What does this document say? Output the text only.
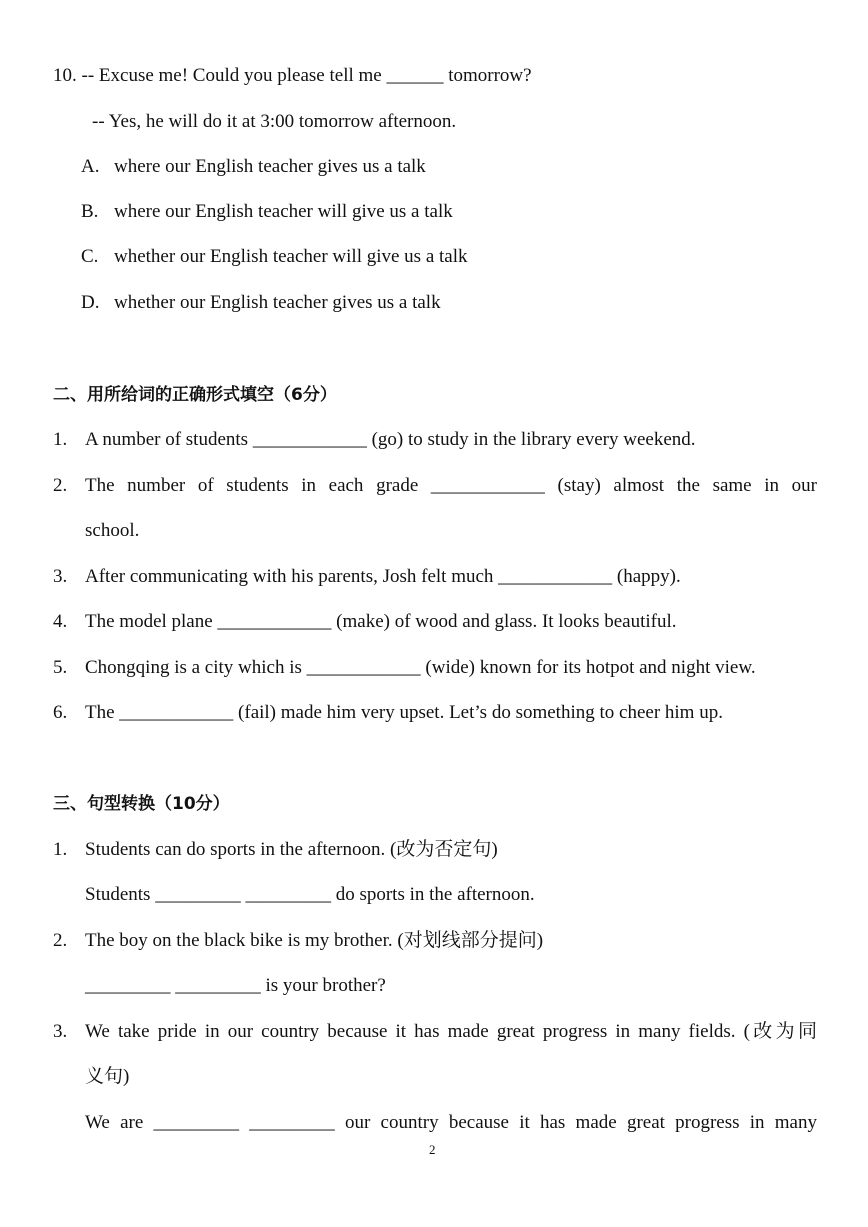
10. -- Excuse me! Could you please tell me ______ tomorrow?
-- Yes, he will do it at 3:00 tomorrow afternoon.
A. where our English teacher gives us a talk
B. where our English teacher will give us a talk
C. whether our English teacher will give us a talk
D. whether our English teacher gives us a talk
二、用所给词的正确形式填空（6分）
1. A number of students ____________ (go) to study in the library every weekend.
2. The number of students in each grade ____________ (stay) almost the same in our
school.
3. After communicating with his parents, Josh felt much ____________ (happy).
4. The model plane ____________ (make) of wood and glass. It looks beautiful.
5. Chongqing is a city which is ____________ (wide) known for its hotpot and night view.
6. The ____________ (fail) made him very upset. Let’s do something to cheer him up.
三、句型转换（10分）
1. Students can do sports in the afternoon. (改为否定句)
Students _________ _________ do sports in the afternoon.
2. The boy on the black bike is my brother. (对划线部分提问)
_________ _________ is your brother?
3. We take pride in our country because it has made great progress in many fields. (改为同
义句)
We are _________ _________ our country because it has made great progress in many
2
